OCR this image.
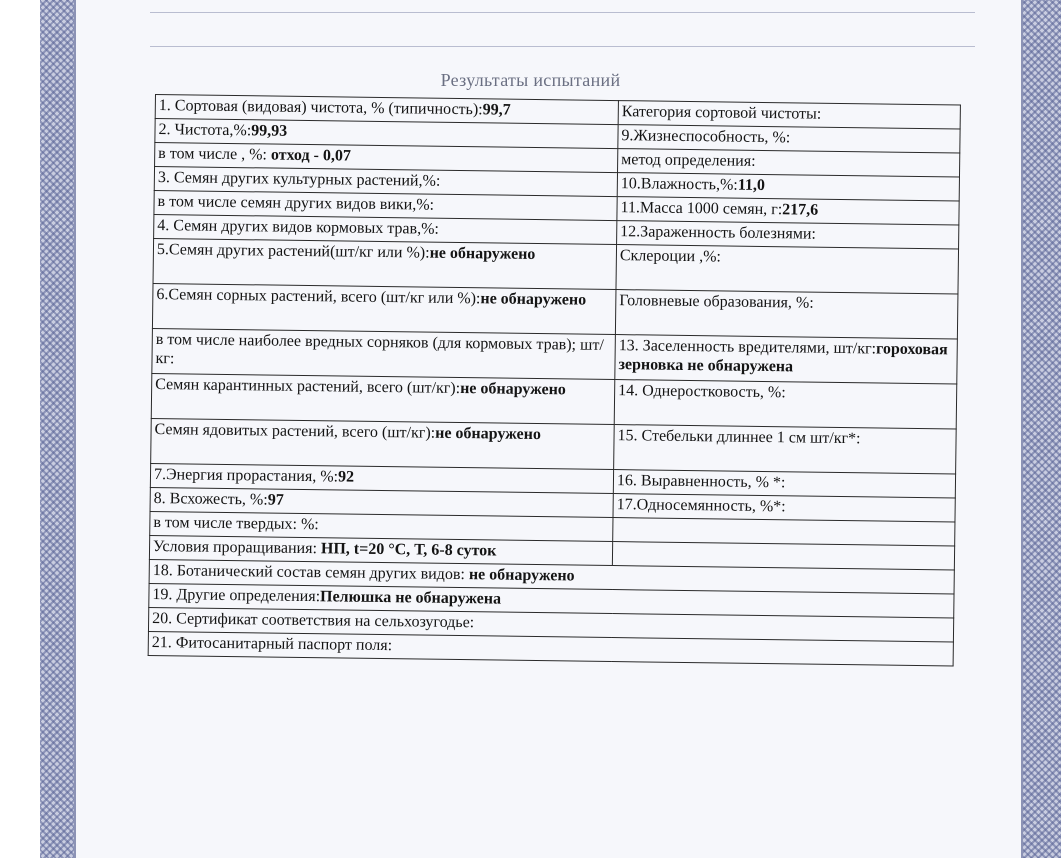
Результаты испытаний
1. Сортовая (видовая) чистота, % (типичность):99,7	Категория сортовой чистоты:
2. Чистота,%:99,93	9.Жизнеспособность, %:
в том числе , %: отход - 0,07	метод определения:
3. Семян других культурных растений,%:	10.Влажность,%:11,0
в том числе семян других видов вики,%:	11.Масса 1000 семян, г:217,6
4. Семян других видов кормовых трав,%:	12.Зараженность болезнями:
5.Семян других растений(шт/кг или %):не обнаружено	Склероции ,%:
6.Семян сорных растений, всего (шт/кг или %):не обнаружено	Головневые образования, %:
в том числе наиболее вредных сорняков (для кормовых трав); шт/кг:	13. Заселенность вредителями, шт/кг:гороховая зерновка не обнаружена
Семян карантинных растений, всего (шт/кг):не обнаружено	14. Однеростковость, %:
Семян ядовитых растений, всего (шт/кг):не обнаружено	15. Стебельки длиннее 1 см шт/кг*:
7.Энергия прорастания, %:92	16. Выравненность, % *:
8. Всхожесть, %:97	17.Односемянность, %*:
в том числе твердых: %:	
Условия проращивания: НП, t=20 °C, Т, 6-8 суток	
18. Ботанический состав семян других видов: не обнаружено	
19. Другие определения:Пелюшка не обнаружена	
20. Сертификат соответствия на сельхозугодье:	
21. Фитосанитарный паспорт поля:	
